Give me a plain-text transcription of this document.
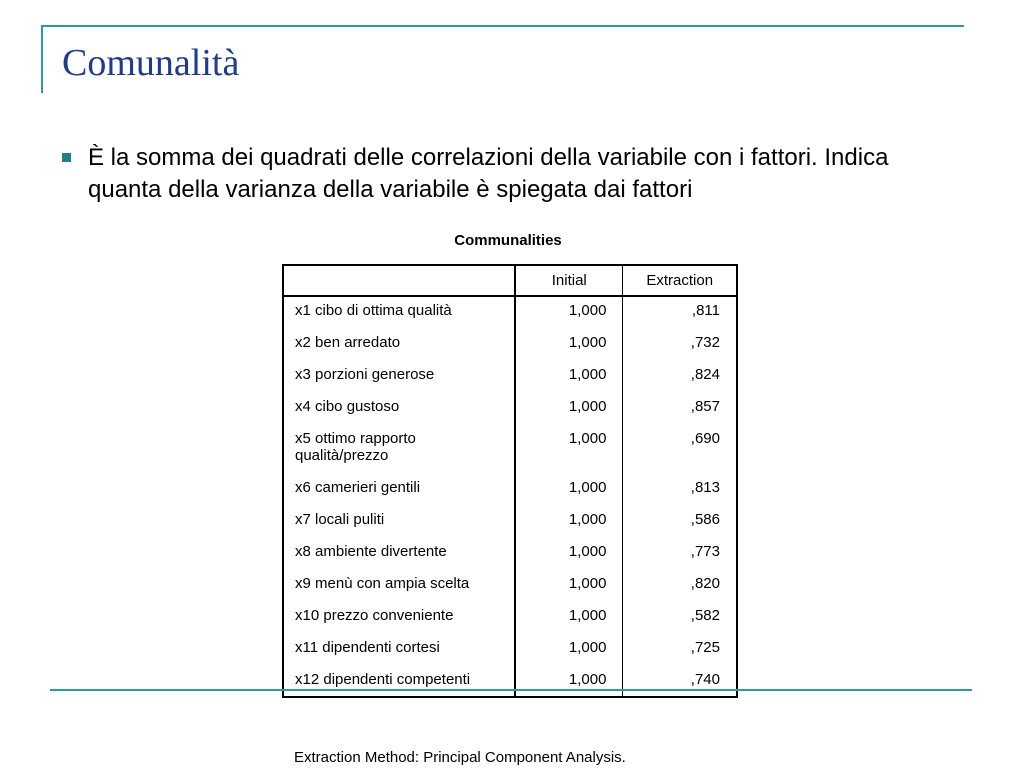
Comunalità

È la somma dei quadrati delle correlazioni della variabile con i fattori. Indica quanta della varianza della variabile è spiegata dai fattori

Communalities
	Initial	Extraction
x1 cibo di ottima qualità	1,000	,811
x2 ben arredato	1,000	,732
x3 porzioni generose	1,000	,824
x4 cibo gustoso	1,000	,857
x5 ottimo rapporto qualità/prezzo	1,000	,690
x6 camerieri gentili	1,000	,813
x7 locali puliti	1,000	,586
x8 ambiente divertente	1,000	,773
x9 menù con ampia scelta	1,000	,820
x10 prezzo conveniente	1,000	,582
x11 dipendenti cortesi	1,000	,725
x12 dipendenti competenti	1,000	,740
Extraction Method: Principal Component Analysis.
